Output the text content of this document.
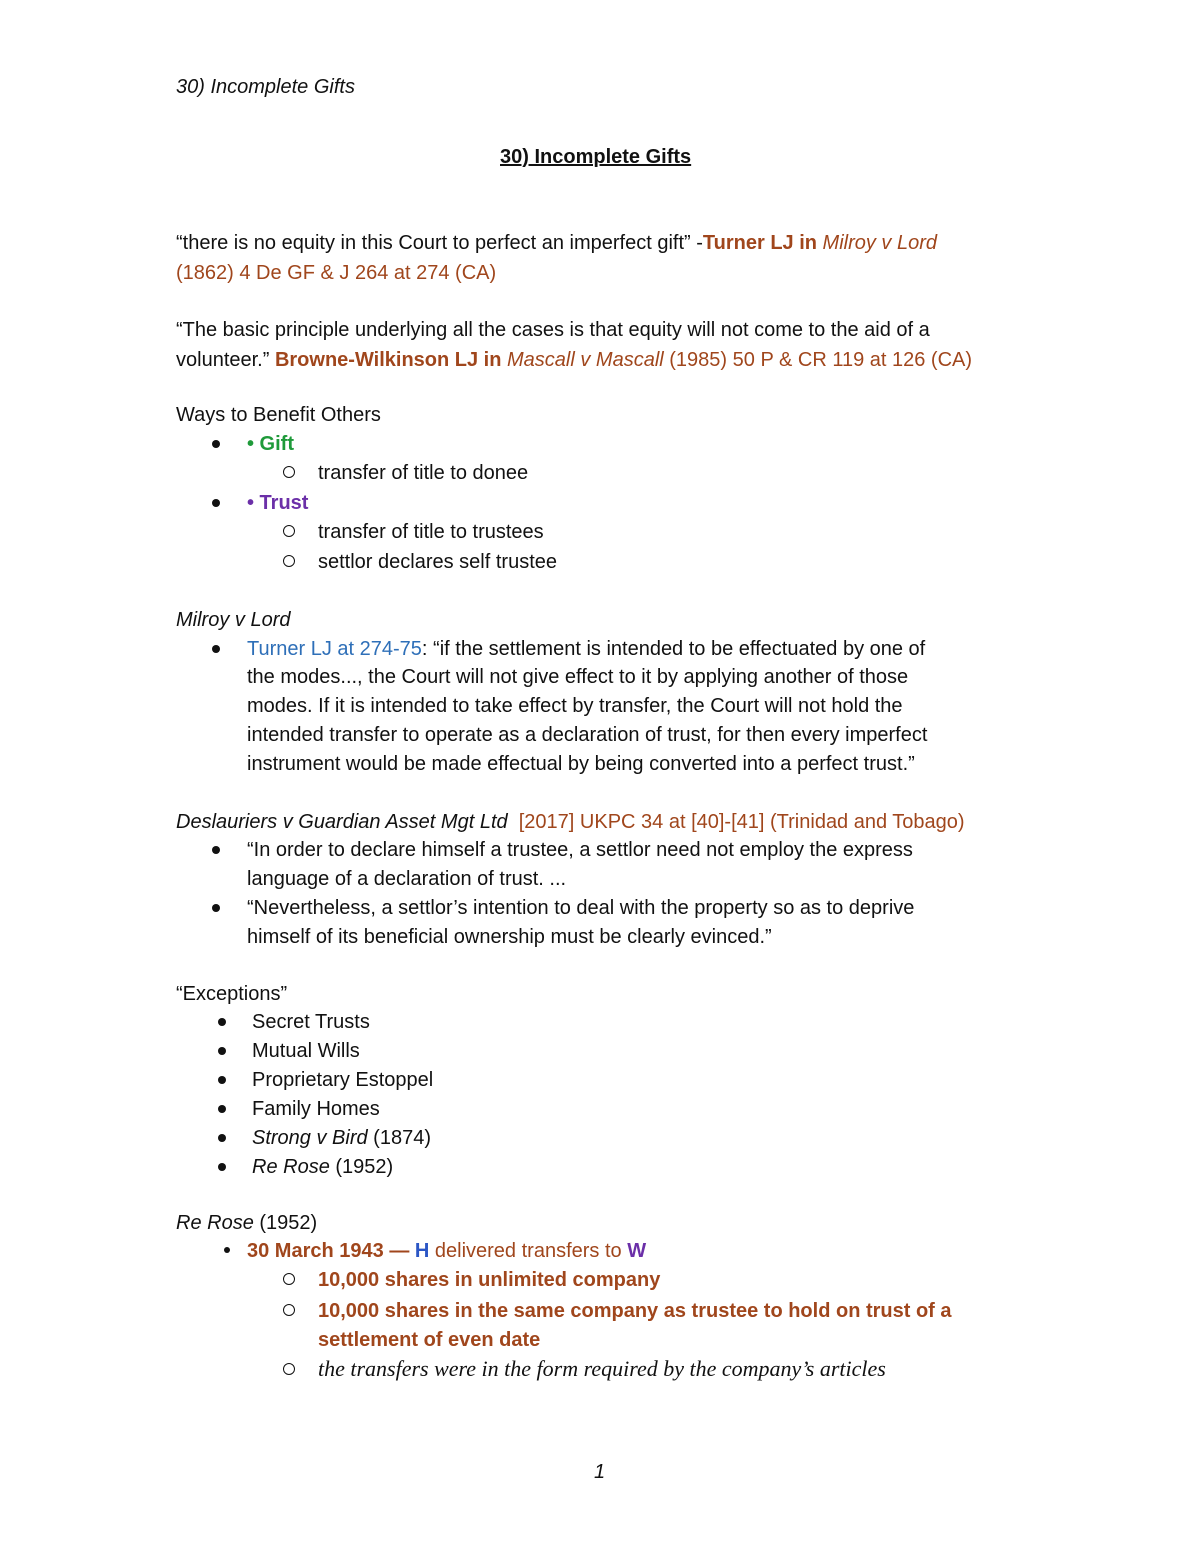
30) Incomplete Gifts
30) Incomplete Gifts
“there is no equity in this Court to perfect an imperfect gift” -Turner LJ in Milroy v Lord
(1862) 4 De GF & J 264 at 274 (CA)
“The basic principle underlying all the cases is that equity will not come to the aid of a
volunteer.” Browne-Wilkinson LJ in Mascall v Mascall (1985) 50 P & CR 119 at 126 (CA)
Ways to Benefit Others
• Gift
transfer of title to donee
• Trust
transfer of title to trustees
settlor declares self trustee
Milroy v Lord
Turner LJ at 274-75: “if the settlement is intended to be effectuated by one of
the modes..., the Court will not give effect to it by applying another of those
modes. If it is intended to take effect by transfer, the Court will not hold the
intended transfer to operate as a declaration of trust, for then every imperfect
instrument would be made effectual by being converted into a perfect trust.”
Deslauriers v Guardian Asset Mgt Ltd [2017] UKPC 34 at [40]-[41] (Trinidad and Tobago)
“In order to declare himself a trustee, a settlor need not employ the express
language of a declaration of trust. ...
“Nevertheless, a settlor’s intention to deal with the property so as to deprive
himself of its beneficial ownership must be clearly evinced.”
“Exceptions”
Secret Trusts
Mutual Wills
Proprietary Estoppel
Family Homes
Strong v Bird (1874)
Re Rose (1952)
Re Rose (1952)
30 March 1943 — H delivered transfers to W
10,000 shares in unlimited company
10,000 shares in the same company as trustee to hold on trust of a
settlement of even date
the transfers were in the form required by the company’s articles
1
